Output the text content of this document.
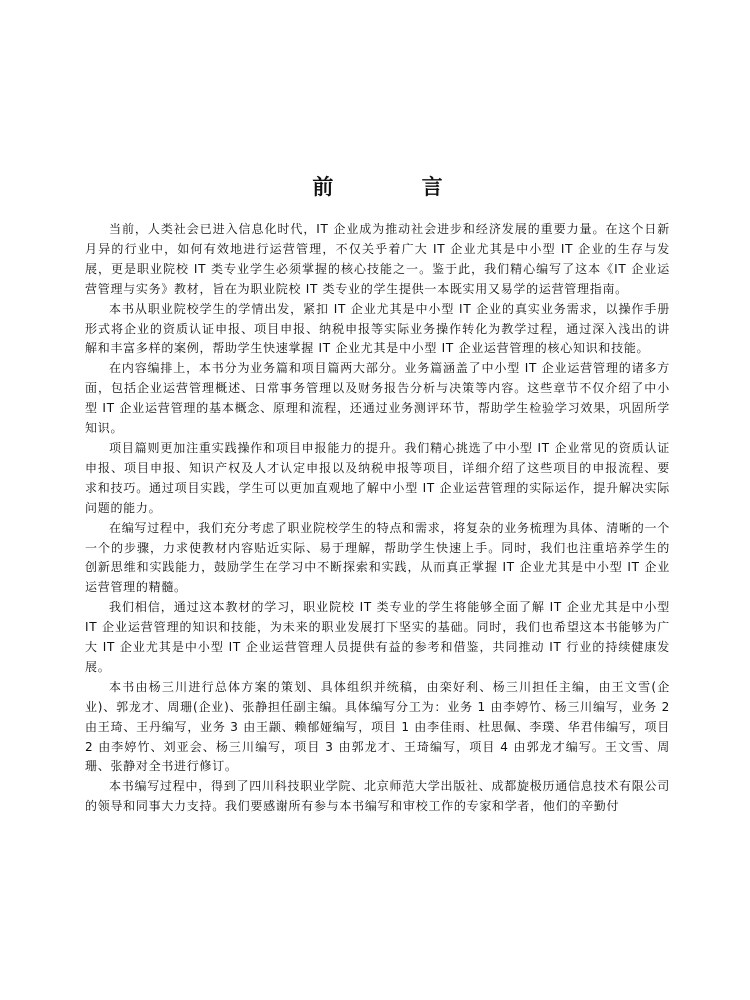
前　言

当前，人类社会已进入信息化时代，IT 企业成为推动社会进步和经济发展的重要力量。在这个日新月异的行业中，如何有效地进行运营管理，不仅关乎着广大 IT 企业尤其是中小型 IT 企业的生存与发展，更是职业院校 IT 类专业学生必须掌握的核心技能之一。鉴于此，我们精心编写了这本《IT 企业运营管理与实务》教材，旨在为职业院校 IT 类专业的学生提供一本既实用又易学的运营管理指南。

本书从职业院校学生的学情出发，紧扣 IT 企业尤其是中小型 IT 企业的真实业务需求，以操作手册形式将企业的资质认证申报、项目申报、纳税申报等实际业务操作转化为教学过程，通过深入浅出的讲解和丰富多样的案例，帮助学生快速掌握 IT 企业尤其是中小型 IT 企业运营管理的核心知识和技能。

在内容编排上，本书分为业务篇和项目篇两大部分。业务篇涵盖了中小型 IT 企业运营管理的诸多方面，包括企业运营管理概述、日常事务管理以及财务报告分析与决策等内容。这些章节不仅介绍了中小型 IT 企业运营管理的基本概念、原理和流程，还通过业务测评环节，帮助学生检验学习效果，巩固所学知识。

项目篇则更加注重实践操作和项目申报能力的提升。我们精心挑选了中小型 IT 企业常见的资质认证申报、项目申报、知识产权及人才认定申报以及纳税申报等项目，详细介绍了这些项目的申报流程、要求和技巧。通过项目实践，学生可以更加直观地了解中小型 IT 企业运营管理的实际运作，提升解决实际问题的能力。

在编写过程中，我们充分考虑了职业院校学生的特点和需求，将复杂的业务梳理为具体、清晰的一个一个的步骤，力求使教材内容贴近实际、易于理解，帮助学生快速上手。同时，我们也注重培养学生的创新思维和实践能力，鼓励学生在学习中不断探索和实践，从而真正掌握 IT 企业尤其是中小型 IT 企业运营管理的精髓。

我们相信，通过这本教材的学习，职业院校 IT 类专业的学生将能够全面了解 IT 企业尤其是中小型 IT 企业运营管理的知识和技能，为未来的职业发展打下坚实的基础。同时，我们也希望这本书能够为广大 IT 企业尤其是中小型 IT 企业运营管理人员提供有益的参考和借鉴，共同推动 IT 行业的持续健康发展。

本书由杨三川进行总体方案的策划、具体组织并统稿，由栾好利、杨三川担任主编，由王文雪(企业)、郭龙才、周珊(企业)、张静担任副主编。具体编写分工为：业务 1 由李婷竹、杨三川编写，业务 2 由王琦、王丹编写，业务 3 由王颛、赖郁娅编写，项目 1 由李佳雨、杜思佩、李璞、华君伟编写，项目 2 由李婷竹、刘亚会、杨三川编写，项目 3 由郭龙才、王琦编写，项目 4 由郭龙才编写。王文雪、周珊、张静对全书进行修订。

本书编写过程中，得到了四川科技职业学院、北京师范大学出版社、成都旋极历通信息技术有限公司的领导和同事大力支持。我们要感谢所有参与本书编写和审校工作的专家和学者，他们的辛勤付
